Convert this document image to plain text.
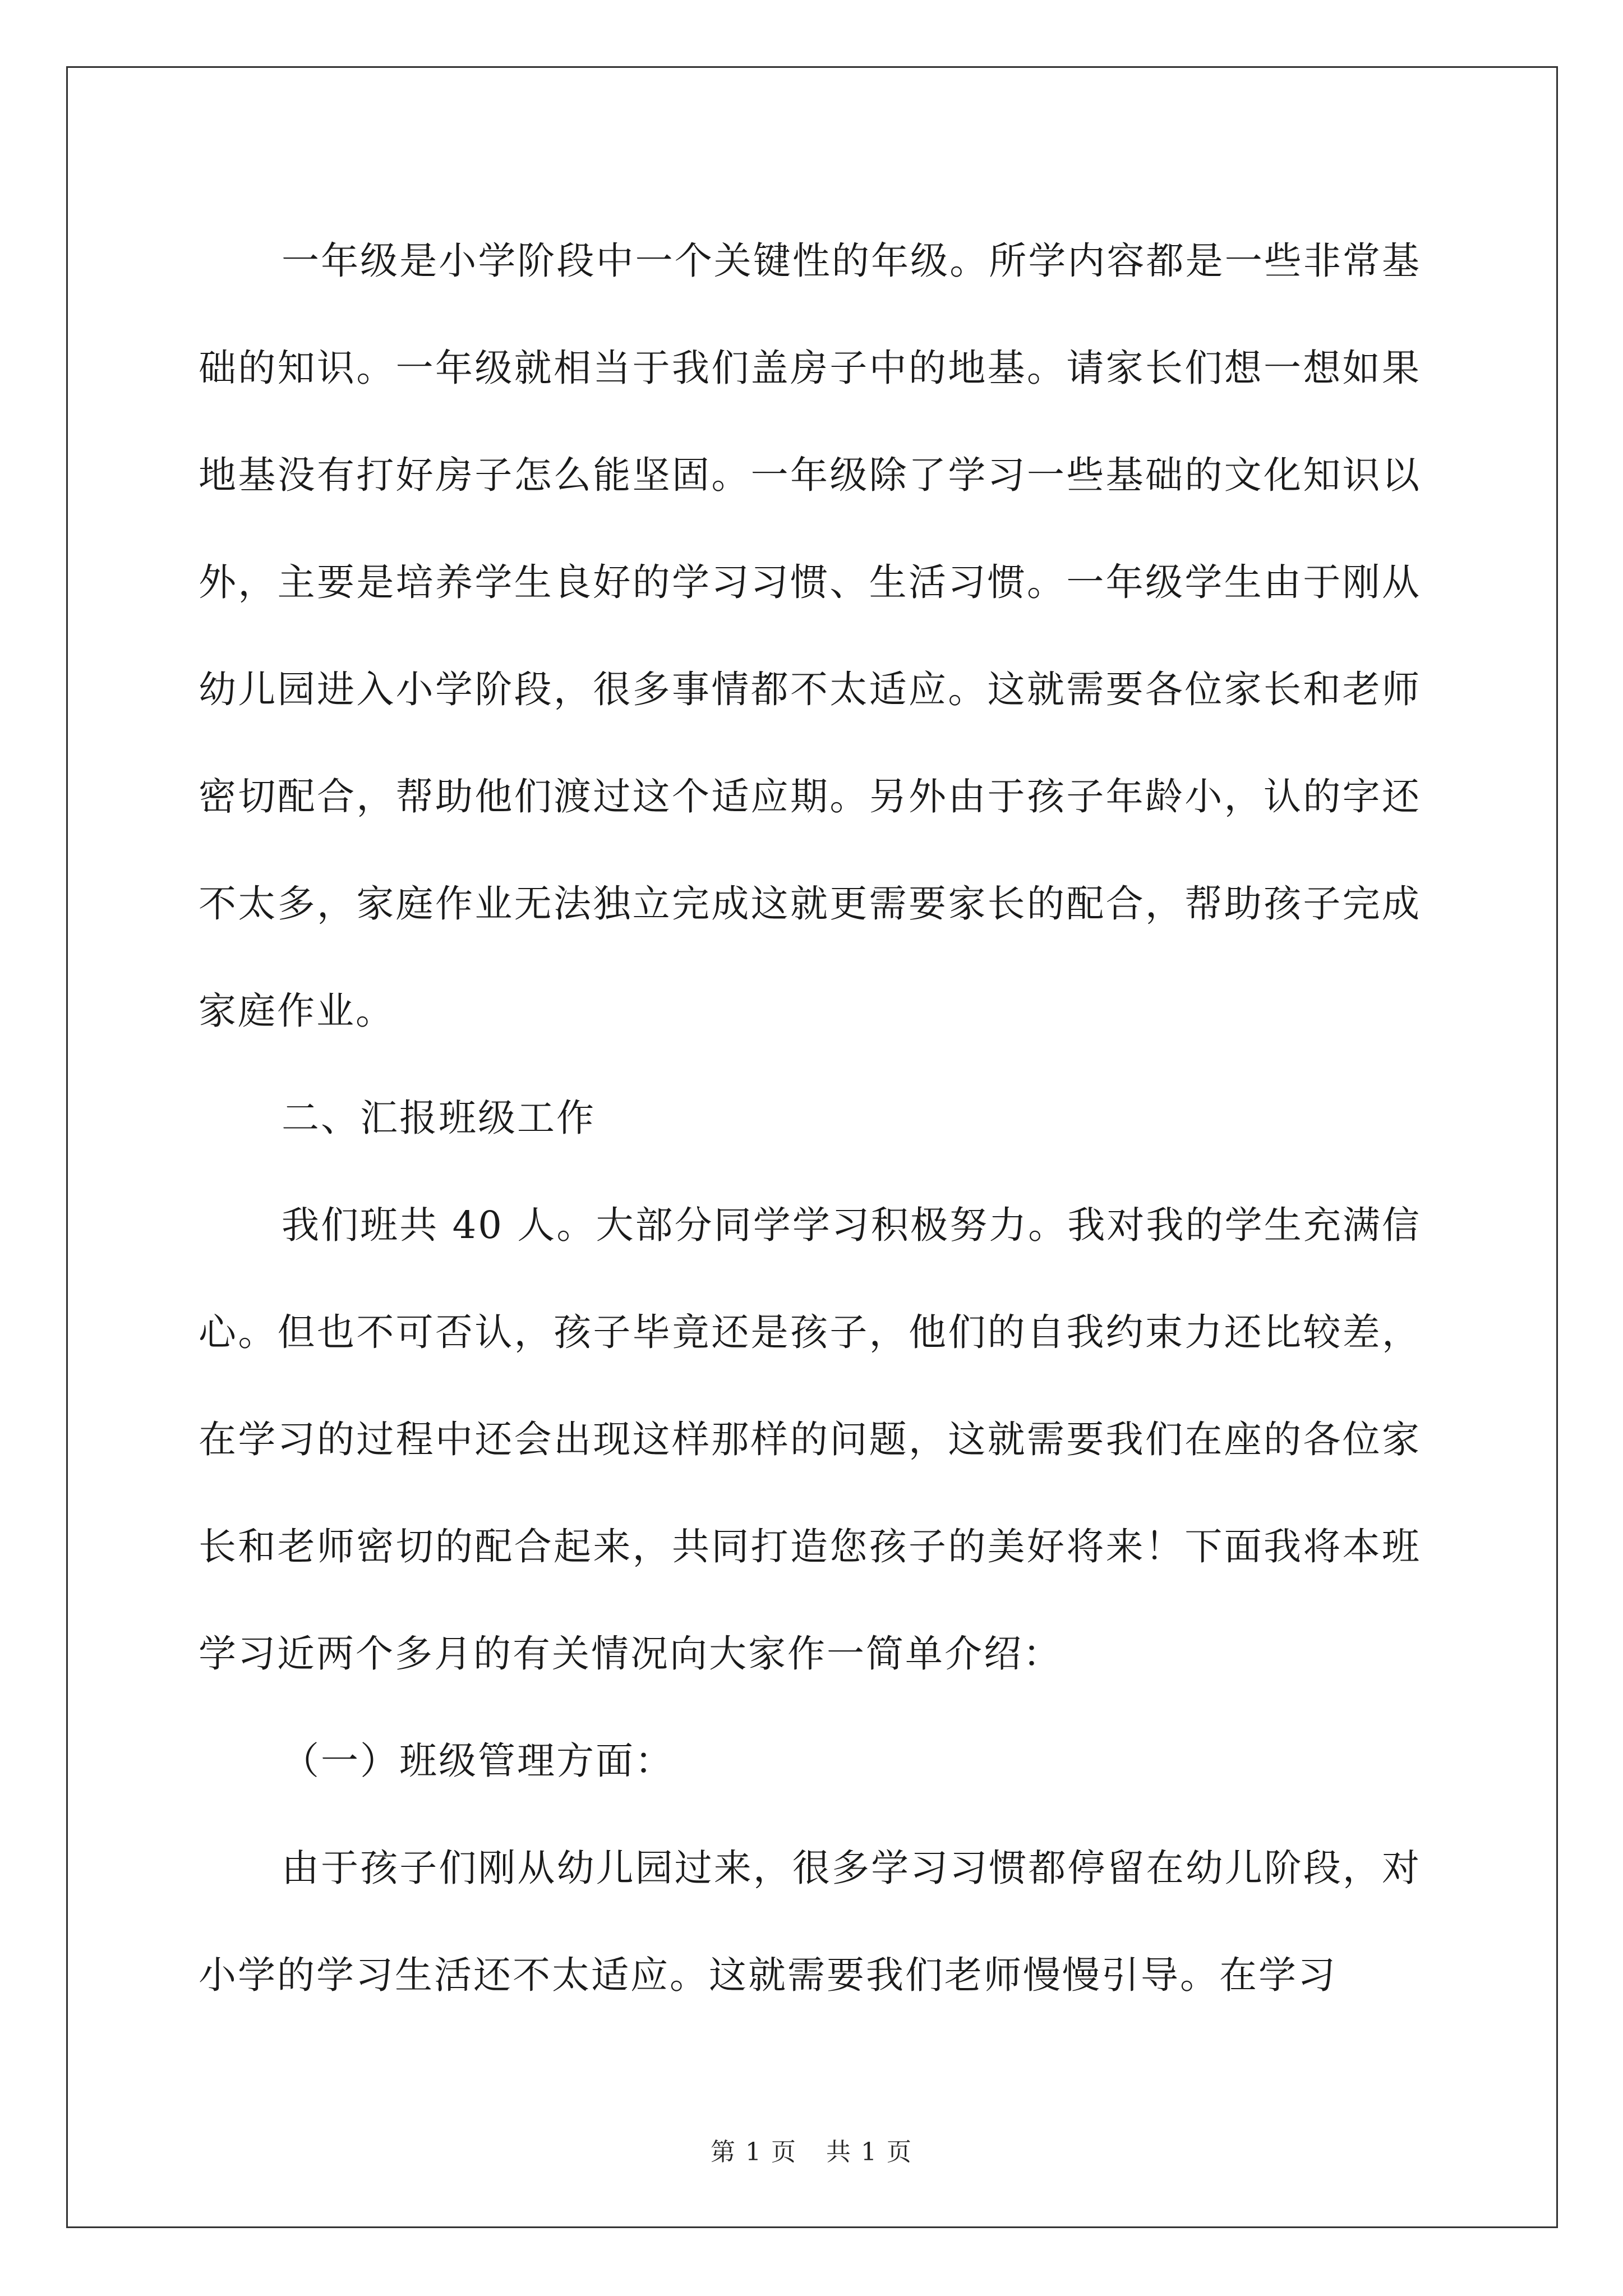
一年级是小学阶段中一个关键性的年级。所学内容都是一些非常基础的知识。一年级就相当于我们盖房子中的地基。请家长们想一想如果地基没有打好房子怎么能坚固。一年级除了学习一些基础的文化知识以外，主要是培养学生良好的学习习惯、生活习惯。一年级学生由于刚从幼儿园进入小学阶段，很多事情都不太适应。这就需要各位家长和老师密切配合，帮助他们渡过这个适应期。另外由于孩子年龄小，认的字还不太多，家庭作业无法独立完成这就更需要家长的配合，帮助孩子完成家庭作业。

二、汇报班级工作

我们班共 40 人。大部分同学学习积极努力。我对我的学生充满信心。但也不可否认，孩子毕竟还是孩子，他们的自我约束力还比较差，在学习的过程中还会出现这样那样的问题，这就需要我们在座的各位家长和老师密切的配合起来，共同打造您孩子的美好将来！下面我将本班学习近两个多月的有关情况向大家作一简单介绍：

（一）班级管理方面：

由于孩子们刚从幼儿园过来，很多学习习惯都停留在幼儿阶段，对小学的学习生活还不太适应。这就需要我们老师慢慢引导。在学习

第 1 页 共 1 页
